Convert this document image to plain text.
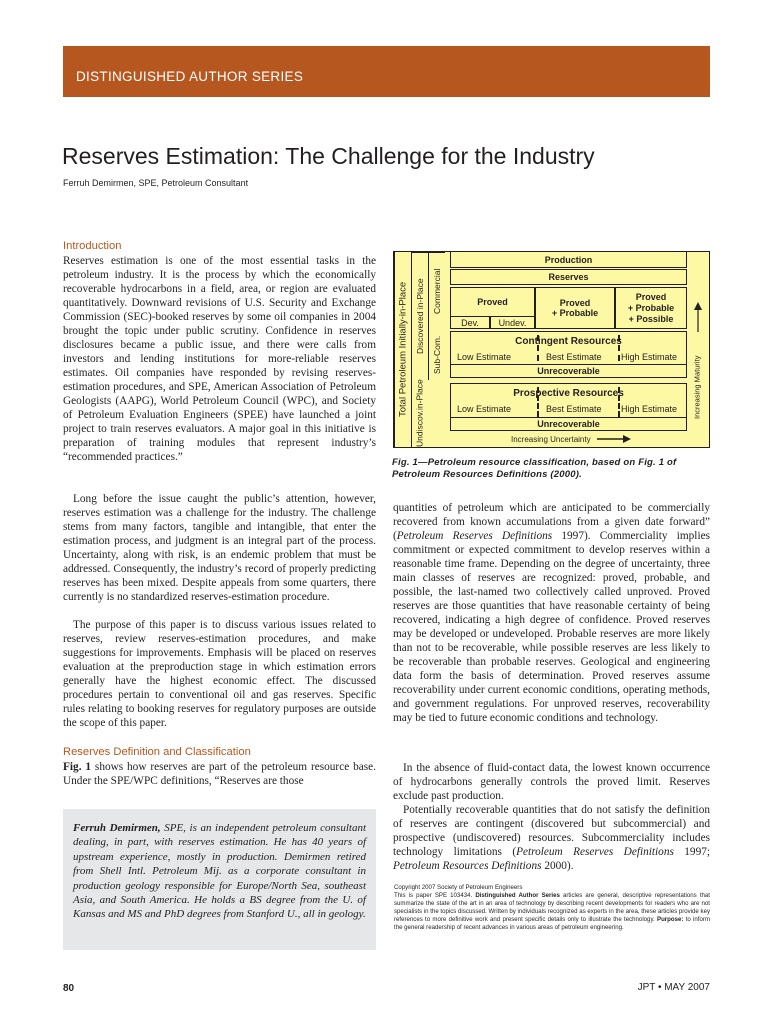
DISTINGUISHED AUTHOR SERIES
Reserves Estimation: The Challenge for the Industry
Ferruh Demirmen, SPE, Petroleum Consultant
Introduction

Reserves estimation is one of the most essential tasks in the petroleum industry. It is the process by which the economically recoverable hydrocarbons in a field, area, or region are evaluated quantitatively. Downward revisions of U.S. Security and Exchange Commission (SEC)-booked reserves by some oil companies in 2004 brought the topic under public scrutiny. Confidence in reserves disclosures became a public issue, and there were calls from investors and lending institutions for more-reliable reserves estimates. Oil companies have responded by revising reserves-estimation procedures, and SPE, American Association of Petroleum Geologists (AAPG), World Petroleum Council (WPC), and Society of Petroleum Evaluation Engineers (SPEE) have launched a joint project to train reserves evaluators. A major goal in this initiative is preparation of training modules that represent industry’s “recommended practices.”

Long before the issue caught the public’s attention, however, reserves estimation was a challenge for the industry. The challenge stems from many factors, tangible and intangible, that enter the estimation process, and judgment is an integral part of the process. Uncertainty, along with risk, is an endemic problem that must be addressed. Consequently, the industry’s record of properly predicting reserves has been mixed. Despite appeals from some quarters, there currently is no standardized reserves-estimation procedure.

The purpose of this paper is to discuss various issues related to reserves, review reserves-estimation procedures, and make suggestions for improvements. Emphasis will be placed on reserves evaluation at the preproduction stage in which estimation errors generally have the highest economic effect. The discussed procedures pertain to conventional oil and gas reserves. Specific rules relating to booking reserves for regulatory purposes are outside the scope of this paper.

Reserves Definition and Classification

Fig. 1 shows how reserves are part of the petroleum resource base. Under the SPE/WPC definitions, “Reserves are those

Ferruh Demirmen, SPE, is an independent petroleum consultant dealing, in part, with reserves estimation. He has 40 years of upstream experience, mostly in production. Demirmen retired from Shell Intl. Petroleum Mij. as a corporate consultant in production geology responsible for Europe/North Sea, southeast Asia, and South America. He holds a BS degree from the U. of Kansas and MS and PhD degrees from Stanford U., all in geology.
Total Petroleum Initially-in-Place Discovered in-Place
Undiscov.
in-Place
Commercial
Sub-Com.
Increasing Maturity
Production
Reserves
Proved
Dev.	Undev.
Proved
+ Probable
Proved
+ Probable
+ Possible
Contingent Resources
Low Estimate	Best Estimate High Estimate
Unrecoverable
Prospective Resources
Low Estimate	Best Estimate High Estimate
Unrecoverable
Increasing Uncertainty
Fig. 1—Petroleum resource classification, based on Fig. 1 of Petroleum Resources Definitions (2000).

quantities of petroleum which are anticipated to be commercially recovered from known accumulations from a given date forward” (Petroleum Reserves Definitions 1997). Commerciality implies commitment or expected commitment to develop reserves within a reasonable time frame. Depending on the degree of uncertainty, three main classes of reserves are recognized: proved, probable, and possible, the last-named two collectively called unproved. Proved reserves are those quantities that have reasonable certainty of being recovered, indicating a high degree of confidence. Proved reserves may be developed or undeveloped. Probable reserves are more likely than not to be recoverable, while possible reserves are less likely to be recoverable than probable reserves. Geological and engineering data form the basis of determination. Proved reserves assume recoverability under current economic conditions, operating methods, and government regulations. For unproved reserves, recoverability may be tied to future economic conditions and technology.

In the absence of fluid-contact data, the lowest known occurrence of hydrocarbons generally controls the proved limit. Reserves exclude past production.

Potentially recoverable quantities that do not satisfy the definition of reserves are contingent (discovered but subcommercial) and prospective (undiscovered) resources. Subcommerciality includes technology limitations (Petroleum Reserves Definitions 1997; Petroleum Resources Definitions 2000).

Copyright 2007 Society of Petroleum Engineers
This is paper SPE 103434. Distinguished Author Series articles are general, descriptive representations that summarize the state of the art in an area of technology by describing recent developments for readers who are not specialists in the topics discussed. Written by individuals recognized as experts in the area, these articles provide key references to more definitive work and present specific details only to illustrate the technology. Purpose: to inform the general readership of recent advances in various areas of petroleum engineering.
80	JPT • MAY 2007
